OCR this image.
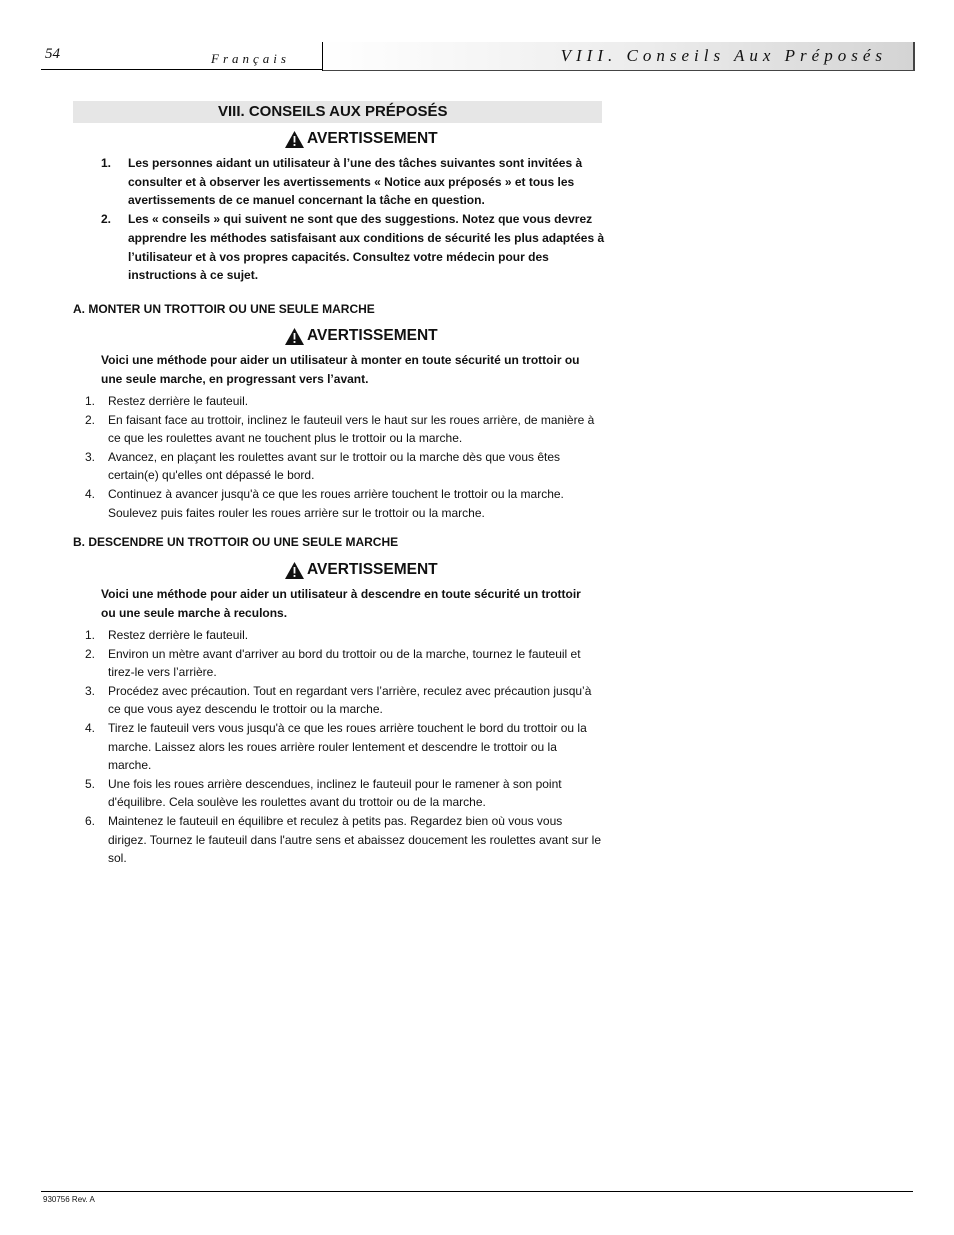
54	Français	VIII. Conseils Aux Préposés
VIII. CONSEILS AUX PRÉPOSÉS
AVERTISSEMENT
1. Les personnes aidant un utilisateur à l’une des tâches suivantes sont invitées à consulter et à observer les avertissements « Notice aux préposés » et tous les avertissements de ce manuel concernant la tâche en question.
2. Les « conseils » qui suivent ne sont que des suggestions. Notez que vous devrez apprendre les méthodes satisfaisant aux conditions de sécurité les plus adaptées à l’utilisateur et à vos propres capacités. Consultez votre médecin pour des instructions à ce sujet.
A. MONTER UN TROTTOIR OU UNE SEULE MARCHE
AVERTISSEMENT
Voici une méthode pour aider un utilisateur à monter en toute sécurité un trottoir ou une seule marche, en progressant vers l’avant.
1. Restez derrière le fauteuil.
2. En faisant face au trottoir, inclinez le fauteuil vers le haut sur les roues arrière, de manière à ce que les roulettes avant ne touchent plus le trottoir ou la marche.
3. Avancez, en plaçant les roulettes avant sur le trottoir ou la marche dès que vous êtes certain(e) qu'elles ont dépassé le bord.
4. Continuez à avancer jusqu'à ce que les roues arrière touchent le trottoir ou la marche. Soulevez puis faites rouler les roues arrière sur le trottoir ou la marche.
B. DESCENDRE UN TROTTOIR OU UNE SEULE MARCHE
AVERTISSEMENT
Voici une méthode pour aider un utilisateur à descendre en toute sécurité un trottoir ou une seule marche à reculons.
1. Restez derrière le fauteuil.
2. Environ un mètre avant d'arriver au bord du trottoir ou de la marche, tournez le fauteuil et tirez-le vers l’arrière.
3. Procédez avec précaution. Tout en regardant vers l’arrière, reculez avec précaution jusqu’à ce que vous ayez descendu le trottoir ou la marche.
4. Tirez le fauteuil vers vous jusqu'à ce que les roues arrière touchent le bord du trottoir ou la marche. Laissez alors les roues arrière rouler lentement et descendre le trottoir ou la marche.
5. Une fois les roues arrière descendues, inclinez le fauteuil pour le ramener à son point d'équilibre. Cela soulève les roulettes avant du trottoir ou de la marche.
6. Maintenez le fauteuil en équilibre et reculez à petits pas. Regardez bien où vous vous dirigez. Tournez le fauteuil dans l'autre sens et abaissez doucement les roulettes avant sur le sol.
930756 Rev. A
